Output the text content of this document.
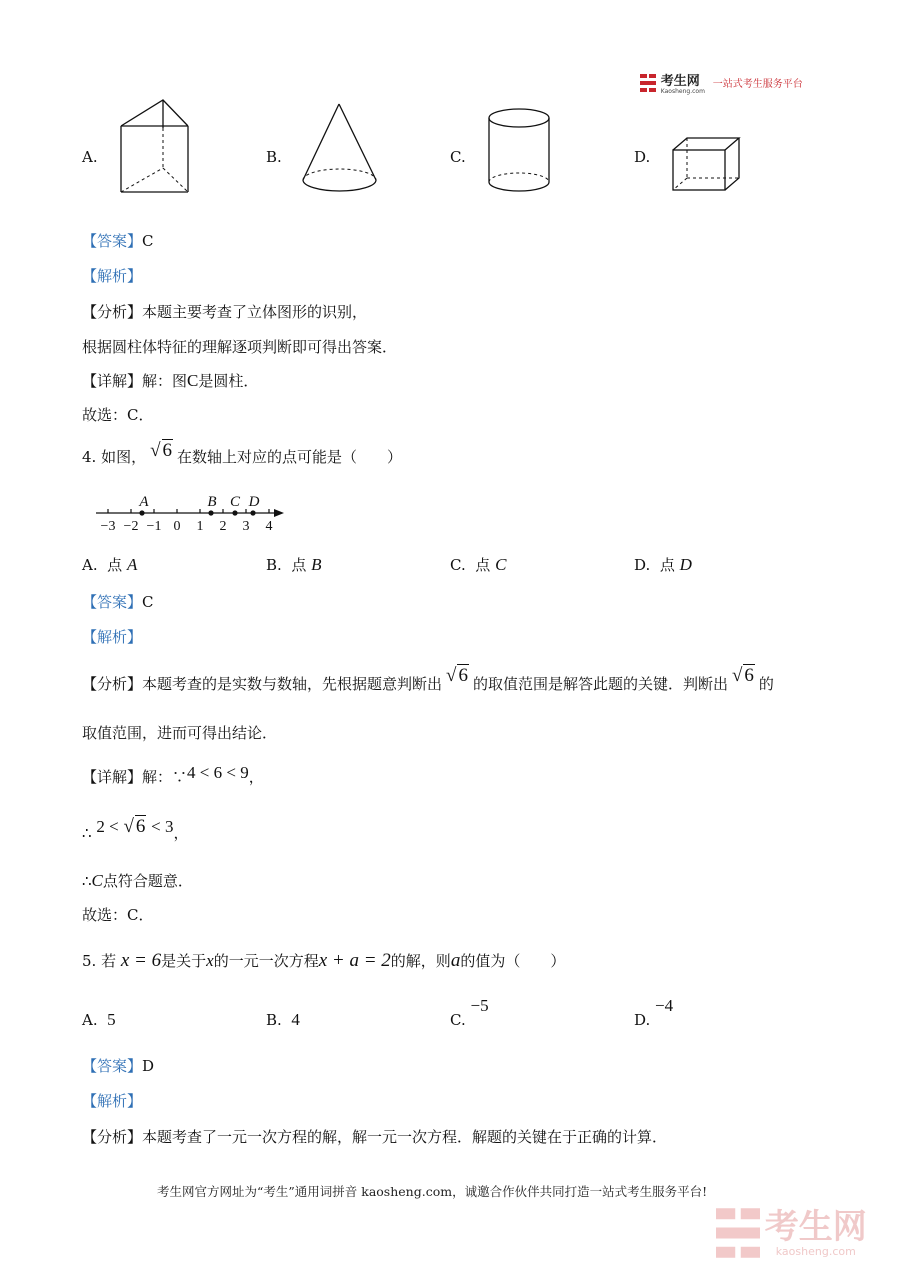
考生网
Kaosheng.com
一站式考生服务平台
A.	B.	C.	D.
【答案】C
【解析】
【分析】本题主要考查了立体图形的识别，
根据圆柱体特征的理解逐项判断即可得出答案．
【详解】解：图C是圆柱．
故选：C．
4. 如图， √ 6 在数轴上对应的点可能是（　　）
A	B C D
−3 −2 −1 0 1 2 3 4
A. 点 A	B. 点 B	C. 点 C	D. 点 D
【答案】C
【解析】
【分析】本题考查的是实数与数轴，先根据题意判断出 √ 6 的取值范围是解答此题的关键．判断出 √ 6 的
取值范围，进而可得出结论．
【详解】解：∵4 < 6 < 9，
∴ 2 < √ 6 < 3，
∴C点符合题意．
故选：C．
5. 若 x = 6是关于x的一元一次方程x + a = 2的解，则a的值为（　　）
A. 5	B. 4	C. −5
D. −4
【答案】D
【解析】
【分析】本题考查了一元一次方程的解，解一元一次方程．解题的关键在于正确的计算．
考生网官方网址为“考生”通用词拼音 kaosheng.com，诚邀合作伙伴共同打造一站式考生服务平台!

考生网
kaosheng.com
